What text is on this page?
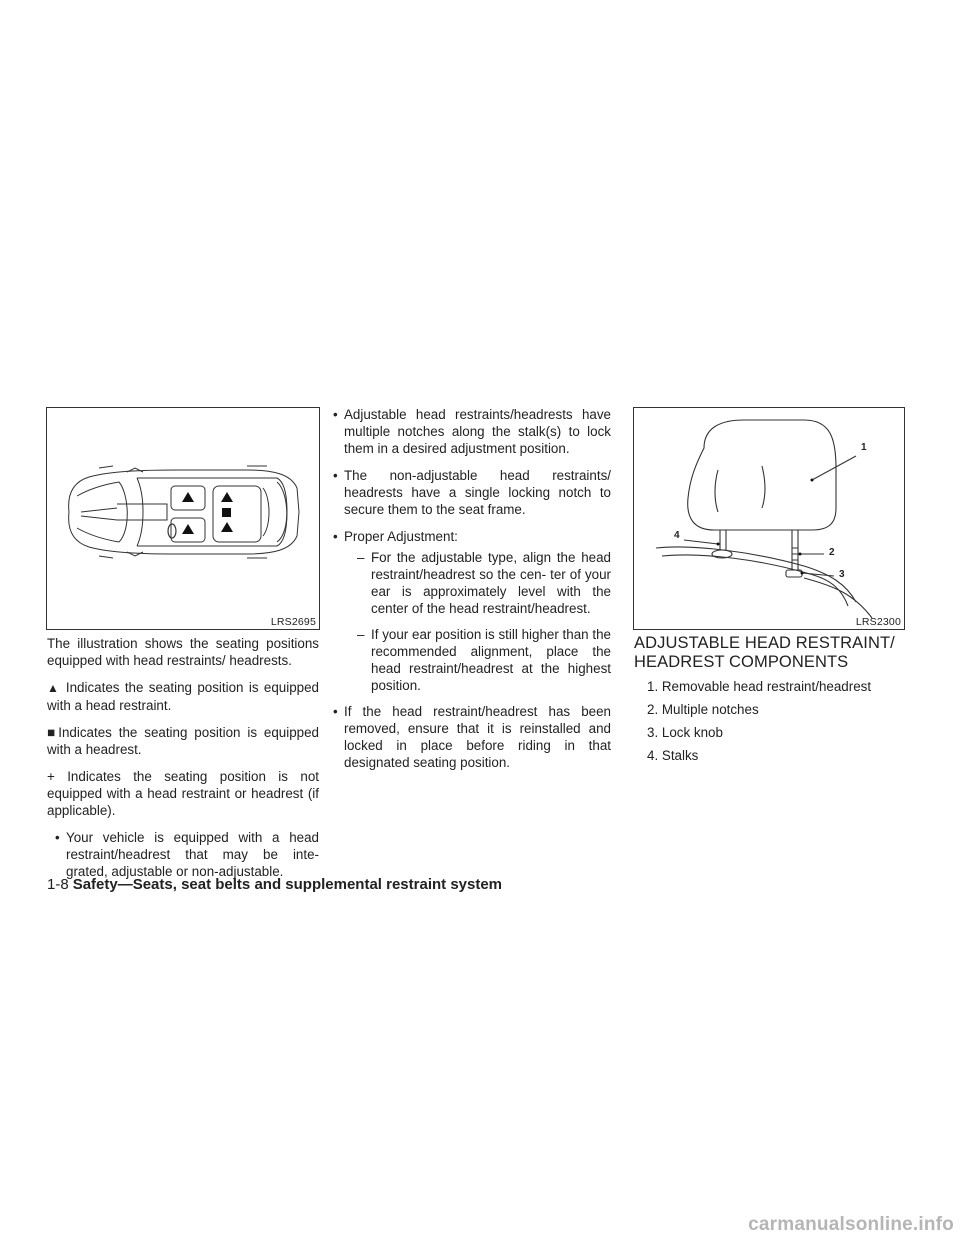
LRS2695

The illustration shows the seating positions equipped with head restraints/ headrests.

▲ Indicates the seating position is equipped with a head restraint.

■Indicates the seating position is equipped with a headrest.

+ Indicates the seating position is not equipped with a head restraint or headrest (if applicable).

• Your vehicle is equipped with a head restraint/headrest that may be inte- grated, adjustable or non-adjustable.
• Adjustable head restraints/headrests have multiple notches along the stalk(s) to lock them in a desired adjustment position.
• The non-adjustable head restraints/ headrests have a single locking notch to secure them to the seat frame.
• Proper Adjustment:
– For the adjustable type, align the head restraint/headrest so the cen- ter of your ear is approximately level with the center of the head restraint/headrest.
– If your ear position is still higher than the recommended alignment, place the head restraint/headrest at the highest position.
• If the head restraint/headrest has been removed, ensure that it is reinstalled and locked in place before riding in that designated seating position.
1
2
3
4
LRS2300
ADJUSTABLE HEAD RESTRAINT/
HEADREST COMPONENTS
1. Removable head restraint/headrest
2. Multiple notches
3. Lock knob
4. Stalks
1-8 Safety—Seats, seat belts and supplemental restraint system
carmanualsonline.info
